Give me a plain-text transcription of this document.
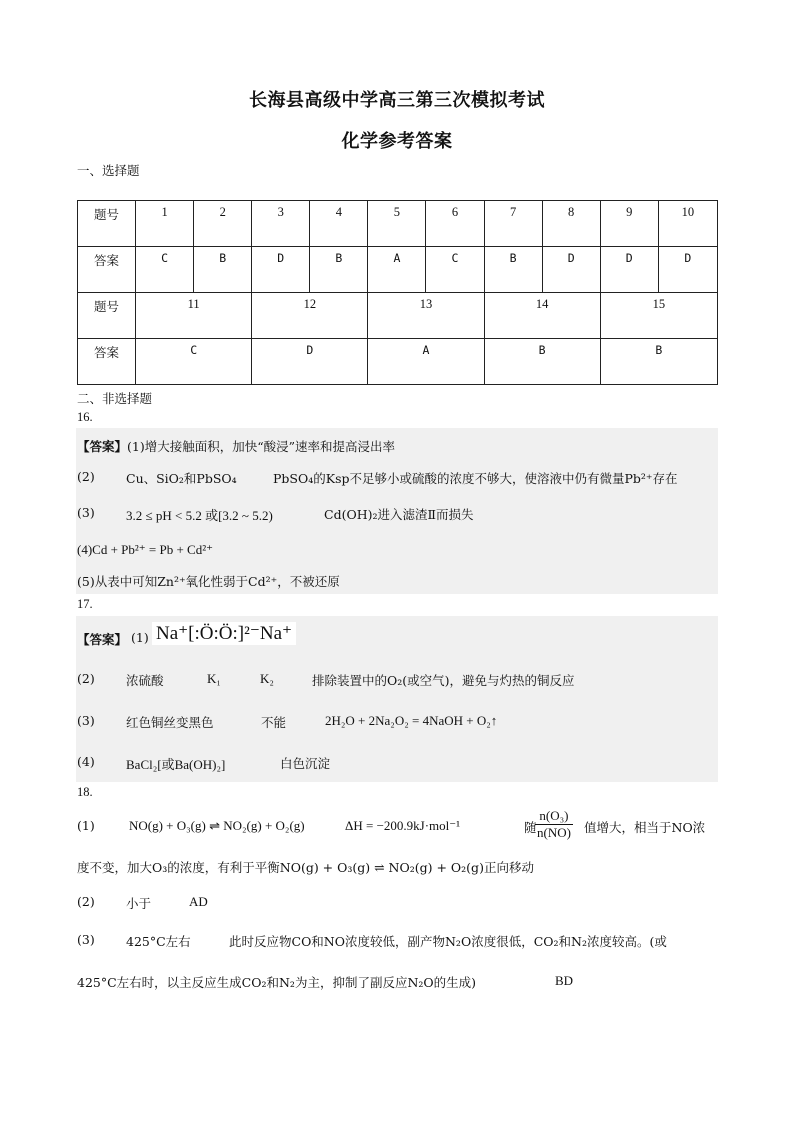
长海县高级中学高三第三次模拟考试
化学参考答案
一、选择题
题号	1	2	3	4	5	6	7	8	9	10
答案	C	B	D	B	A	C	B	D	D	D
题号	11		12		13		14		15	
答案	C		D		A		B		B	
二、非选择题
16.
【答案】(1)增大接触面积，加快“酸浸”速率和提高浸出率
(2)	Cu、SiO₂和PbSO₄	PbSO₄的Ksp不足够小或硫酸的浓度不够大，使溶液中仍有微量Pb²⁺存在
(3) 3.2 ≤ pH < 5.2 或[3.2 ~ 5.2)	Cd(OH)₂进入滤渣Ⅱ而损失
(4)Cd + Pb²⁺ = Pb + Cd²⁺
(5)从表中可知Zn²⁺氧化性弱于Cd²⁺，不被还原
17.
【答案】 (1) Na⁺[:Ö:Ö:]²⁻Na⁺
(2)	浓硫酸	K₁	K₂	排除装置中的O₂(或空气)，避免与灼热的铜反应
(3)	红色铜丝变黑色	不能	2H₂O + 2Na₂O₂ = 4NaOH + O₂↑
(4) BaCl₂[或Ba(OH)₂]	白色沉淀
18.
(1)	NO(g) + O₃(g) ⇌ NO₂(g) + O₂(g)	ΔH = −200.9kJ·mol⁻¹	随
$\frac{\text{n(O₃)}}{n(NO)}$ 值增大，相当于NO浓
度不变，加大O₃的浓度，有利于平衡NO(g) + O₃(g) ⇌ NO₂(g) + O₂(g)正向移动
(2)	小于	AD
(3)	425°C左右	此时反应物CO和NO浓度较低，副产物N₂O浓度很低，CO₂和N₂浓度较高。(或
425°C左右时，以主反应生成CO₂和N₂为主，抑制了副反应N₂O的生成)	BD
